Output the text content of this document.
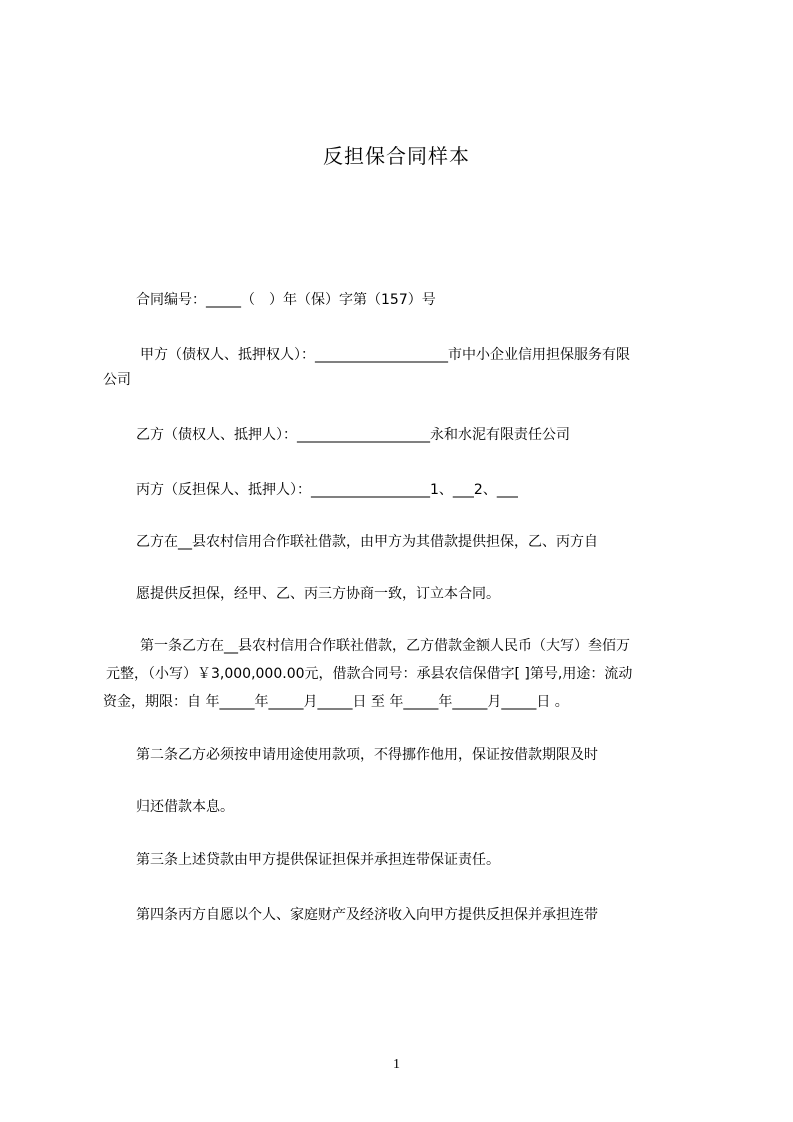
反担保合同样本
合同编号：_____（　）年（保）字第（157）号
甲方（债权人、抵押权人）：___________________市中小企业信用担保服务有限
公司
乙方（债权人、抵押人）：___________________永和水泥有限责任公司
丙方（反担保人、抵押人）：_________________1、___2、___
乙方在__县农村信用合作联社借款，由甲方为其借款提供担保，乙、丙方自
愿提供反担保，经甲、乙、丙三方协商一致，订立本合同。
第一条乙方在__县农村信用合作联社借款，乙方借款金额人民币（大写）叁佰万
元整，（小写）￥3,000,000.00元，借款合同号：承县农信保借字[ ]第号,用途：流动
资金，期限：自 年_____年_____月_____日 至 年_____年_____月_____日 。
第二条乙方必须按申请用途使用款项，不得挪作他用，保证按借款期限及时
归还借款本息。
第三条上述贷款由甲方提供保证担保并承担连带保证责任。
第四条丙方自愿以个人、家庭财产及经济收入向甲方提供反担保并承担连带
1
